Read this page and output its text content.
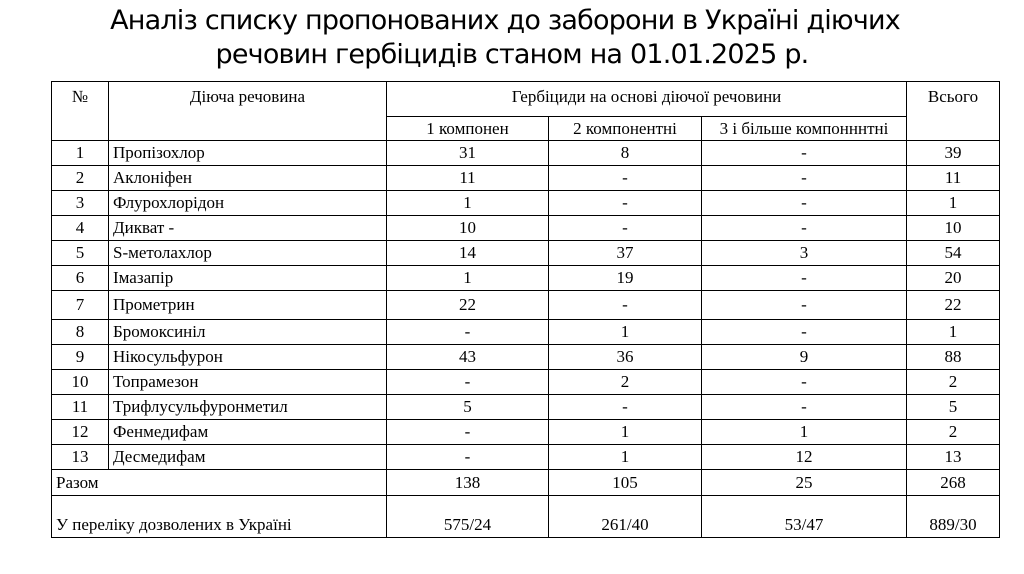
Аналіз списку пропонованих до заборони в Україні діючих
речовин гербіцидів станом на 01.01.2025 р.
№	Діюча речовина	Гербіциди на основі діючої речовини			Всього
		1 компонен	2 компонентні	3 і більше компонннтні	
1	Пропізохлор	31	8	-	39
2	Аклоніфен	11	-	-	11
3	Флурохлорідон	1	-	-	1
4	Дикват -	10	-	-	10
5	S-метолахлор	14	37	3	54
6	Імазапір	1	19	-	20
7	Прометрин	22	-	-	22
8	Бромоксиніл	-	1	-	1
9	Нікосульфурон	43	36	9	88
10	Топрамезон	-	2	-	2
11	Трифлусульфуронметил	5	-	-	5
12	Фенмедифам	-	1	1	2
13	Десмедифам	-	1	12	13
Разом		138	105	25	268
У переліку дозволених в Україні		575/24	261/40	53/47	889/30
